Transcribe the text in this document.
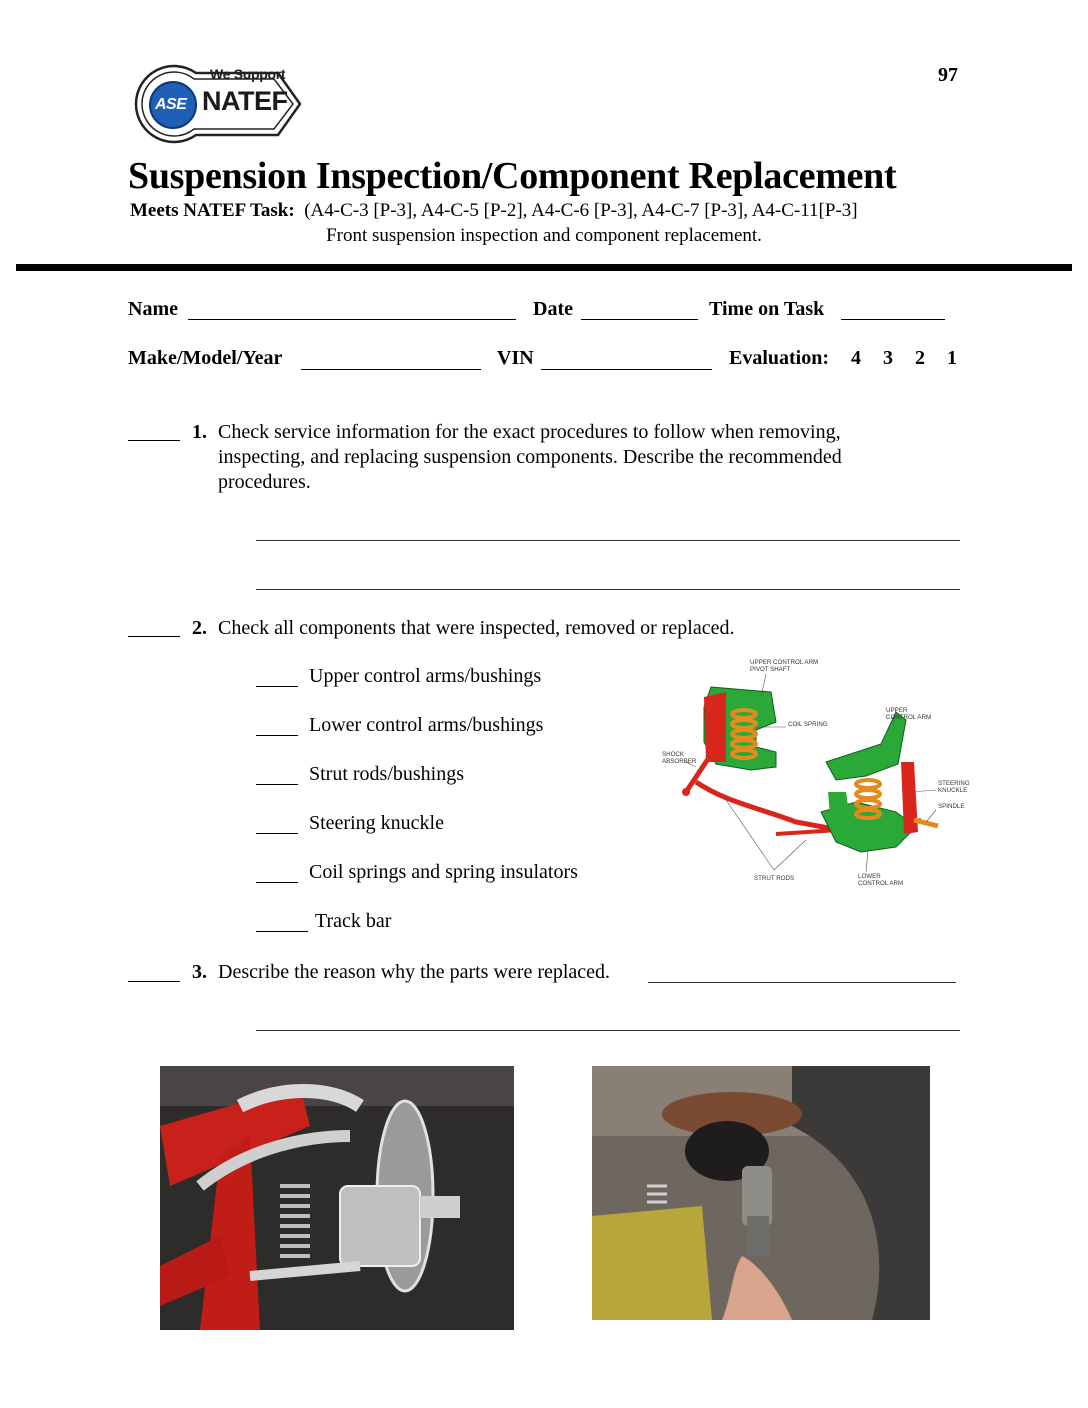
We Support
NATEF
ASE
97
Suspension Inspection/Component Replacement
Meets NATEF Task: (A4-C-3 [P-3], A4-C-5 [P-2], A4-C-6 [P-3], A4-C-7 [P-3], A4-C-11[P-3]
Front suspension inspection and component replacement.
Name	Date	Time on Task
Make/Model/Year	VIN	Evaluation: 4 3 2 1
1. Check service information for the exact procedures to follow when removing, inspecting, and replacing suspension components. Describe the recommended procedures.
2. Check all components that were inspected, removed or replaced.
Upper control arms/bushings
Lower control arms/bushings
Strut rods/bushings
Steering knuckle
Coil springs and spring insulators
Track bar
UPPER CONTROL ARM
PIVOT SHAFT
UPPER
CONTROL ARM
COIL SPRING
SHOCK
ABSORBER
STEERING
KNUCKLE
SPINDLE
STRUT RODS	LOWER
CONTROL ARM
3. Describe the reason why the parts were replaced.
